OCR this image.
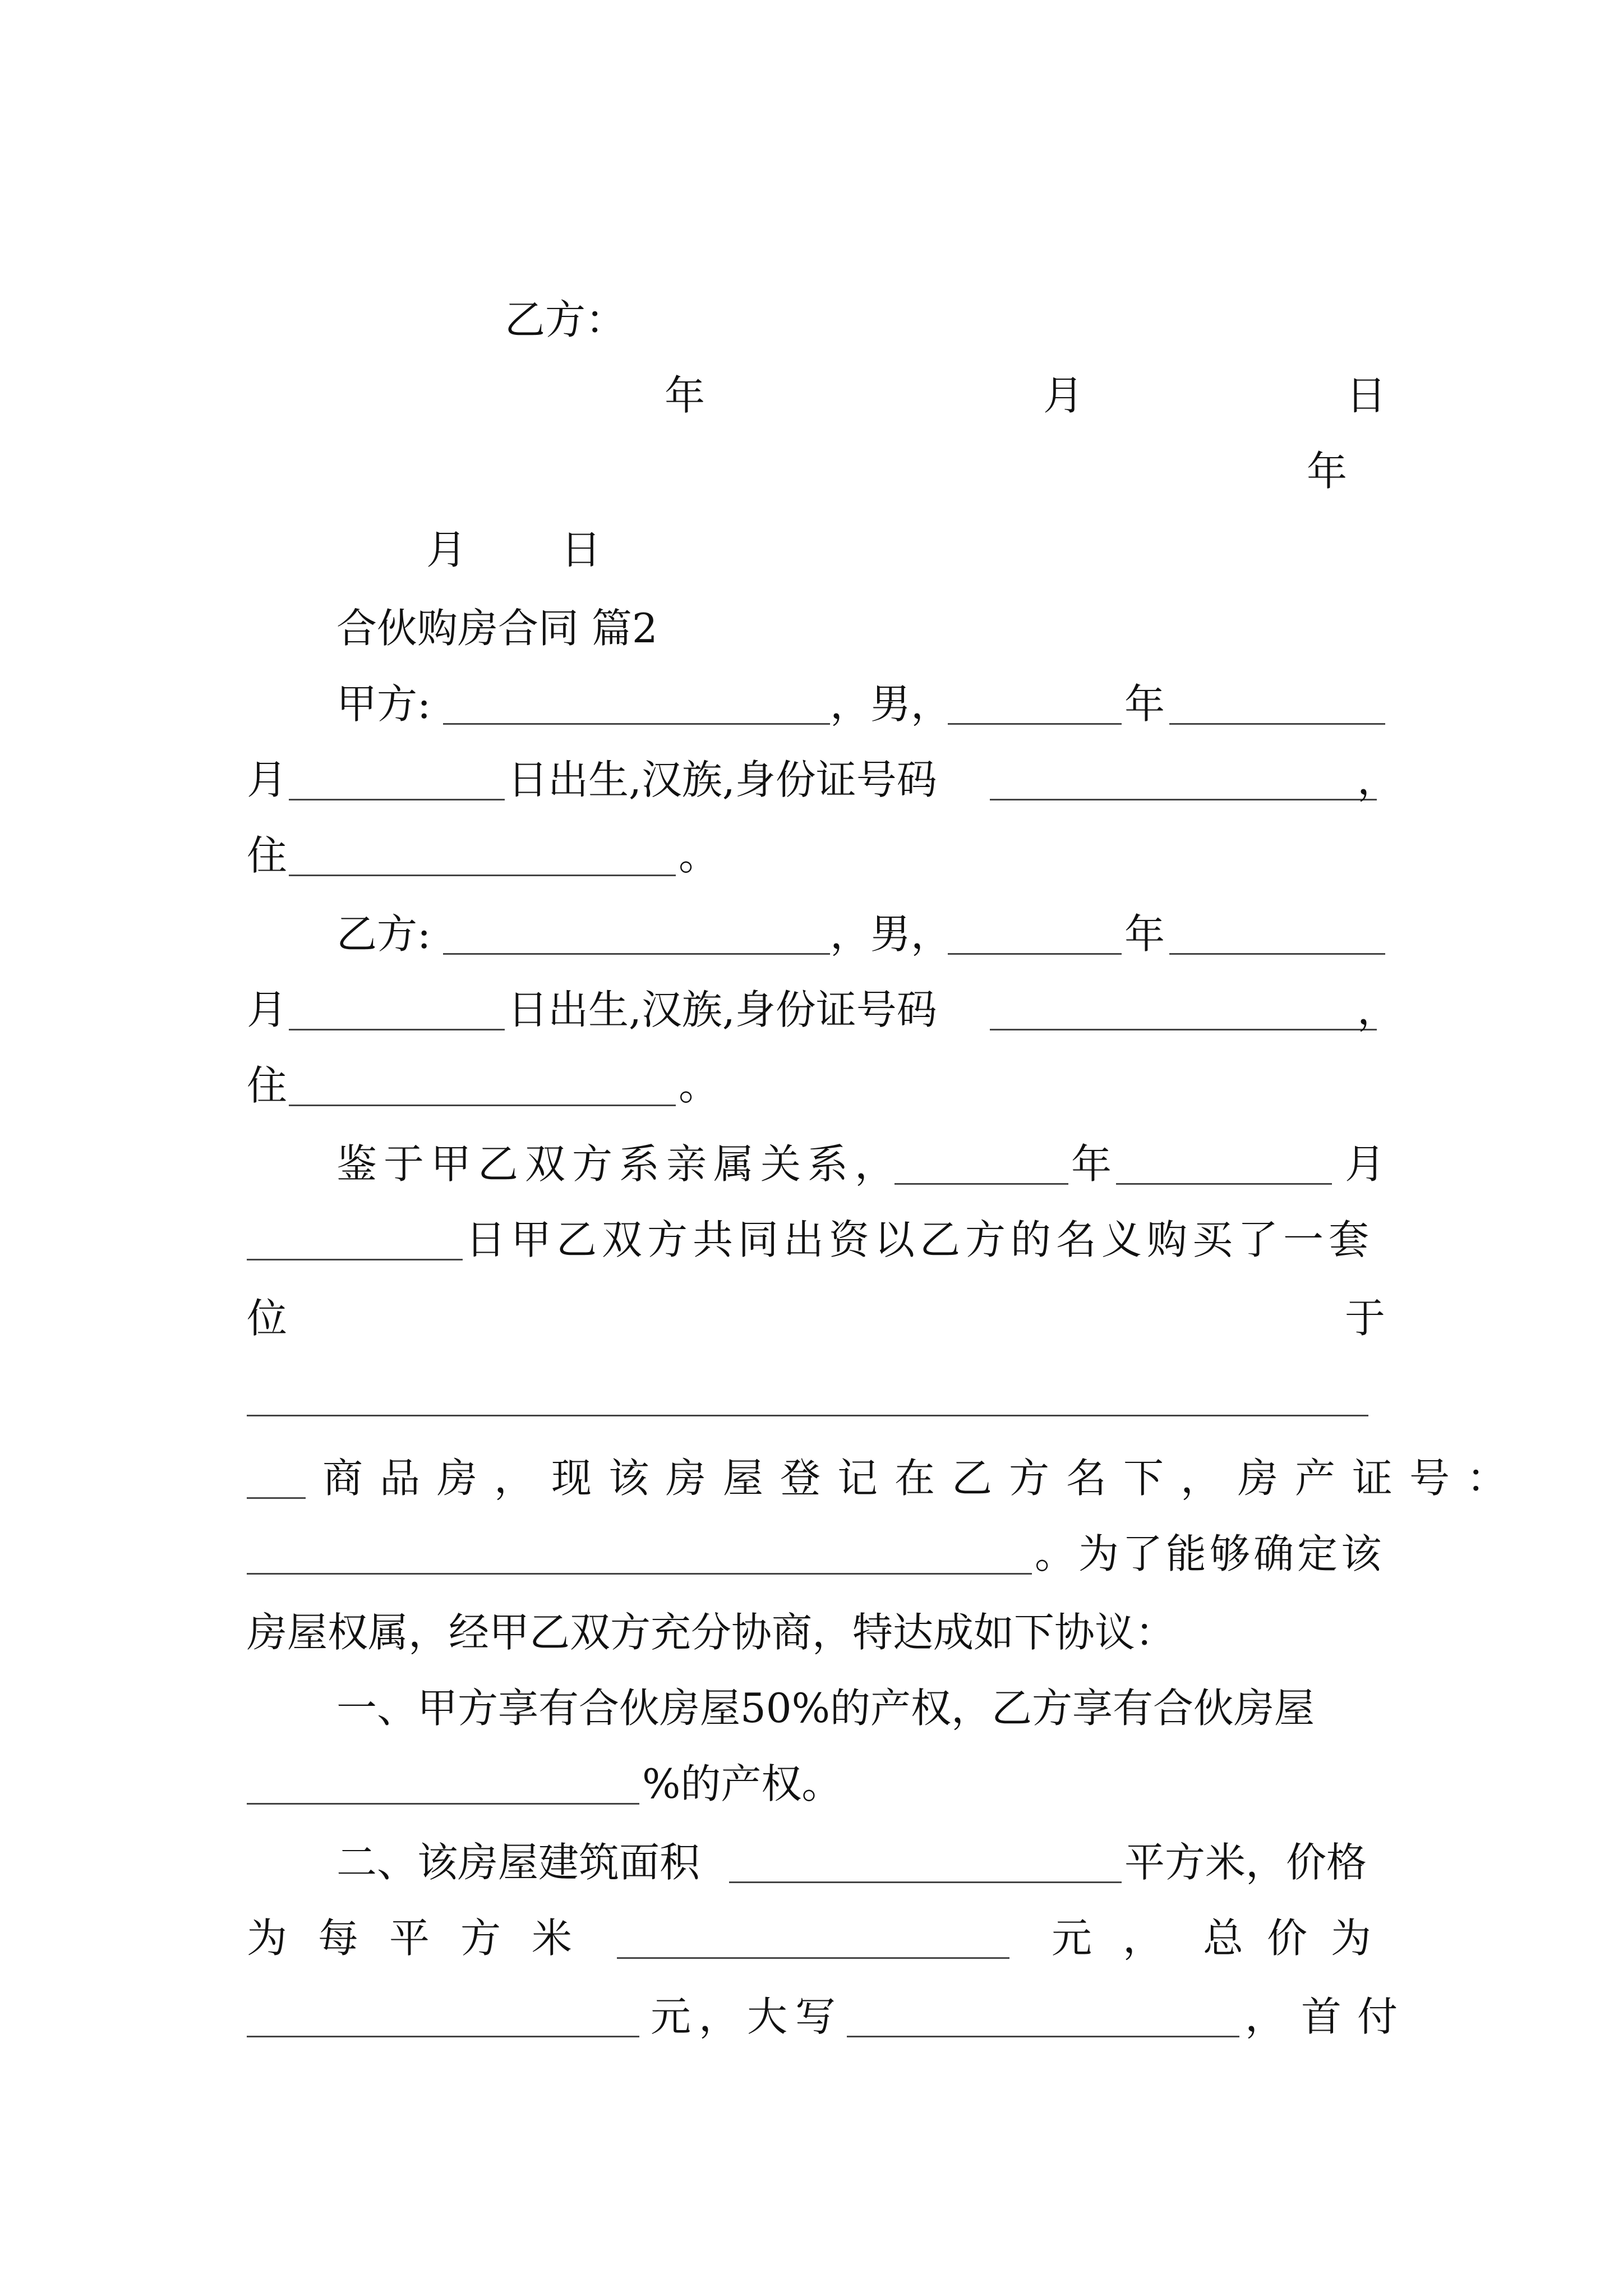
乙方：
年	月	日
年
月 日
合伙购房合同 篇2
甲方:	，男，	年
月	日出生,汉族,身份证号码	，
住	。
乙方:	，男，	年
月	日出生,汉族,身份证号码	，
住	。
鉴于甲乙双方系亲属关系，	年	月
日甲乙双方共同出资以乙方的名义购买了一套
位	于
商品房，现该房屋登记在乙方名下，房产证号：
。为了能够确定该
房屋权属，经甲乙双方充分协商，特达成如下协议：
一、甲方享有合伙房屋50%的产权，乙方享有合伙房屋
%的产权。
二、该房屋建筑面积	平方米，价格
为每平方米	元， 总价为
元，大写	，首付
